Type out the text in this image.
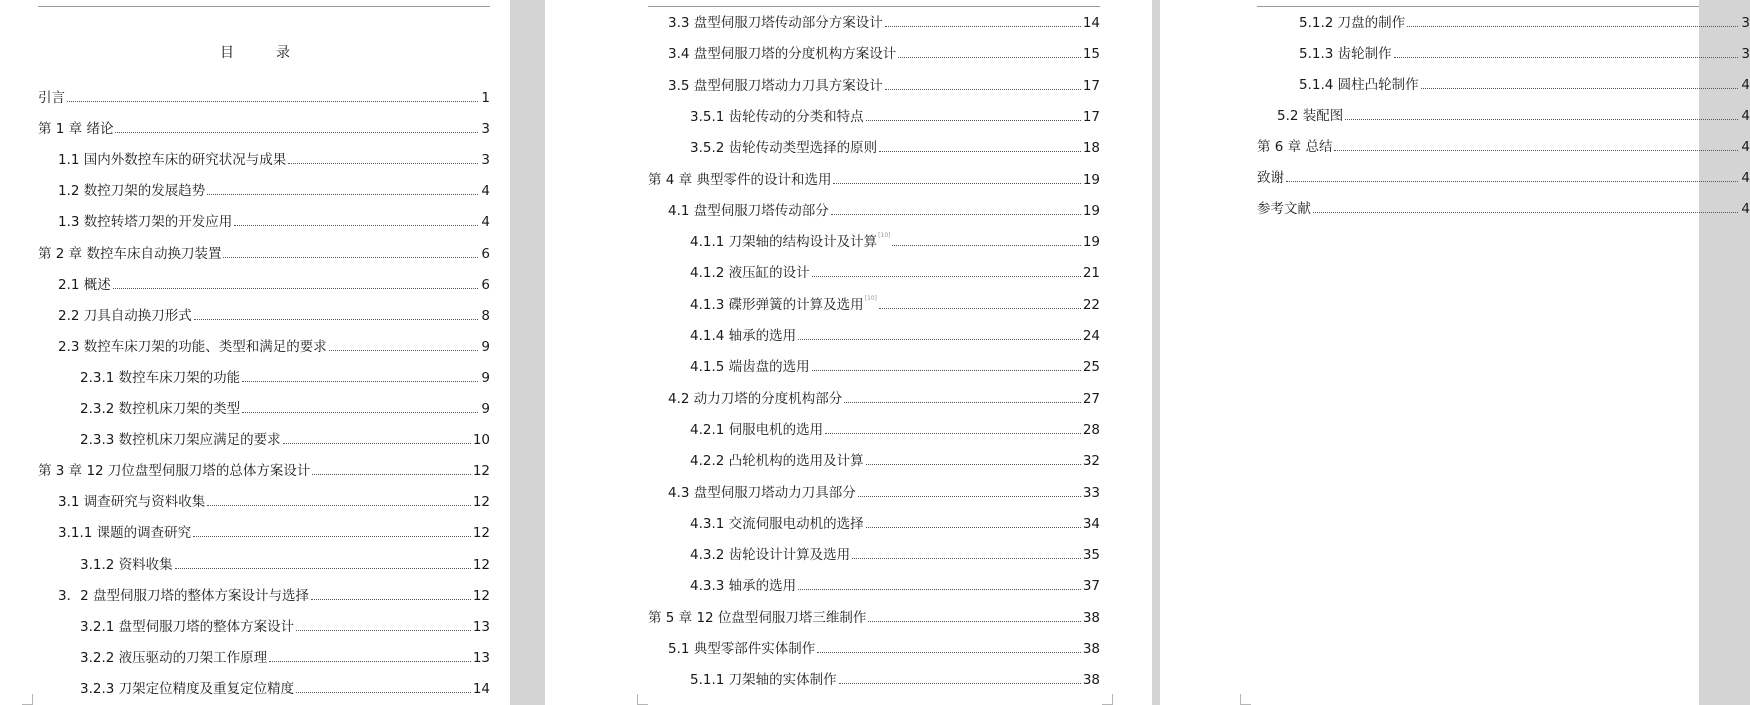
目　录
引言	1
第 1 章 绪论	3
1.1 国内外数控车床的研究状况与成果	3
1.2 数控刀架的发展趋势	4
1.3 数控转塔刀架的开发应用	4
第 2 章 数控车床自动换刀装置	6
2.1 概述	6
2.2 刀具自动换刀形式	8
2.3 数控车床刀架的功能、类型和满足的要求	9
2.3.1 数控车床刀架的功能	9
2.3.2 数控机床刀架的类型	9
2.3.3 数控机床刀架应满足的要求	10
第 3 章 12 刀位盘型伺服刀塔的总体方案设计	12
3.1 调查研究与资料收集	12
3.1.1 课题的调查研究	12
3.1.2 资料收集	12
3．2 盘型伺服刀塔的整体方案设计与选择	12
3.2.1 盘型伺服刀塔的整体方案设计	13
3.2.2 液压驱动的刀架工作原理	13
3.2.3 刀架定位精度及重复定位精度	14
3.3 盘型伺服刀塔传动部分方案设计	14
3.4 盘型伺服刀塔的分度机构方案设计	15
3.5 盘型伺服刀塔动力刀具方案设计	17
3.5.1 齿轮传动的分类和特点	17
3.5.2 齿轮传动类型选择的原则	18
第 4 章 典型零件的设计和选用	19
4.1 盘型伺服刀塔传动部分	19
4.1.1 刀架轴的结构设计及计算[10]	19
4.1.2 液压缸的设计	21
4.1.3 碟形弹簧的计算及选用[10]	22
4.1.4 轴承的选用	24
4.1.5 端齿盘的选用	25
4.2 动力刀塔的分度机构部分	27
4.2.1 伺服电机的选用	28
4.2.2 凸轮机构的选用及计算	32
4.3 盘型伺服刀塔动力刀具部分	33
4.3.1 交流伺服电动机的选择	34
4.3.2 齿轮设计计算及选用	35
4.3.3 轴承的选用	37
第 5 章 12 位盘型伺服刀塔三维制作	38
5.1 典型零部件实体制作	38
5.1.1 刀架轴的实体制作	38
5.1.2 刀盘的制作	3
5.1.3 齿轮制作	3
5.1.4 圆柱凸轮制作	4
5.2 装配图	4
第 6 章 总结	4
致谢	4
参考文献	4
